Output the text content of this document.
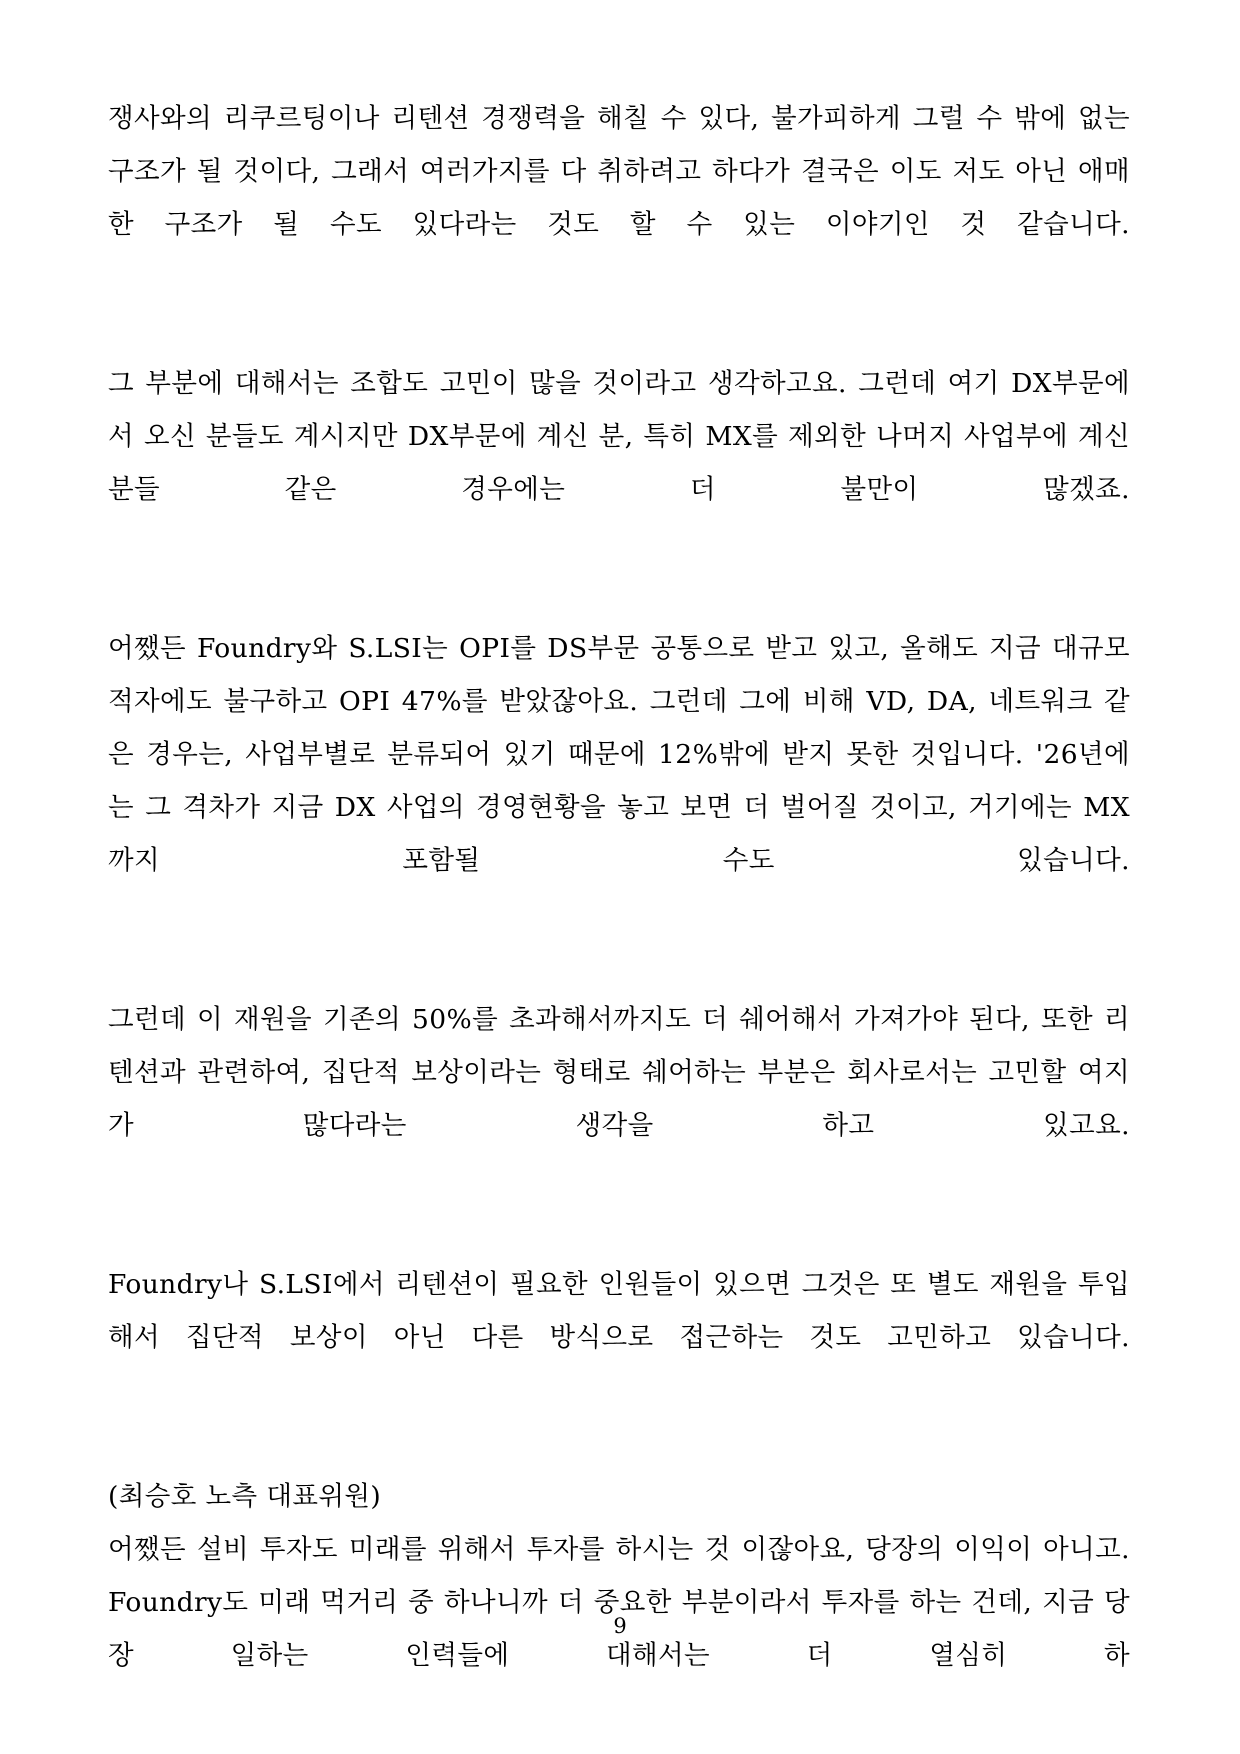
쟁사와의 리쿠르팅이나 리텐션 경쟁력을 해칠 수 있다, 불가피하게 그럴 수 밖에 없는 구조가 될 것이다, 그래서 여러가지를 다 취하려고 하다가 결국은 이도 저도 아닌 애매한 구조가 될 수도 있다라는 것도 할 수 있는 이야기인 것 같습니다.

그 부분에 대해서는 조합도 고민이 많을 것이라고 생각하고요. 그런데 여기 DX부문에서 오신 분들도 계시지만 DX부문에 계신 분, 특히 MX를 제외한 나머지 사업부에 계신 분들 같은 경우에는 더 불만이 많겠죠.

어쨌든 Foundry와 S.LSI는 OPI를 DS부문 공통으로 받고 있고, 올해도 지금 대규모 적자에도 불구하고 OPI 47%를 받았잖아요. 그런데 그에 비해 VD, DA, 네트워크 같은 경우는, 사업부별로 분류되어 있기 때문에 12%밖에 받지 못한 것입니다. '26년에는 그 격차가 지금 DX 사업의 경영현황을 놓고 보면 더 벌어질 것이고, 거기에는 MX까지 포함될 수도 있습니다.

그런데 이 재원을 기존의 50%를 초과해서까지도 더 쉐어해서 가져가야 된다, 또한 리텐션과 관련하여, 집단적 보상이라는 형태로 쉐어하는 부분은 회사로서는 고민할 여지가 많다라는 생각을 하고 있고요.

Foundry나 S.LSI에서 리텐션이 필요한 인원들이 있으면 그것은 또 별도 재원을 투입해서 집단적 보상이 아닌 다른 방식으로 접근하는 것도 고민하고 있습니다.

(최승호 노측 대표위원)

어쨌든 설비 투자도 미래를 위해서 투자를 하시는 것 이잖아요, 당장의 이익이 아니고. Foundry도 미래 먹거리 중 하나니까 더 중요한 부분이라서 투자를 하는 건데, 지금 당장 일하는 인력들에 대해서는 더 열심히 하

9
